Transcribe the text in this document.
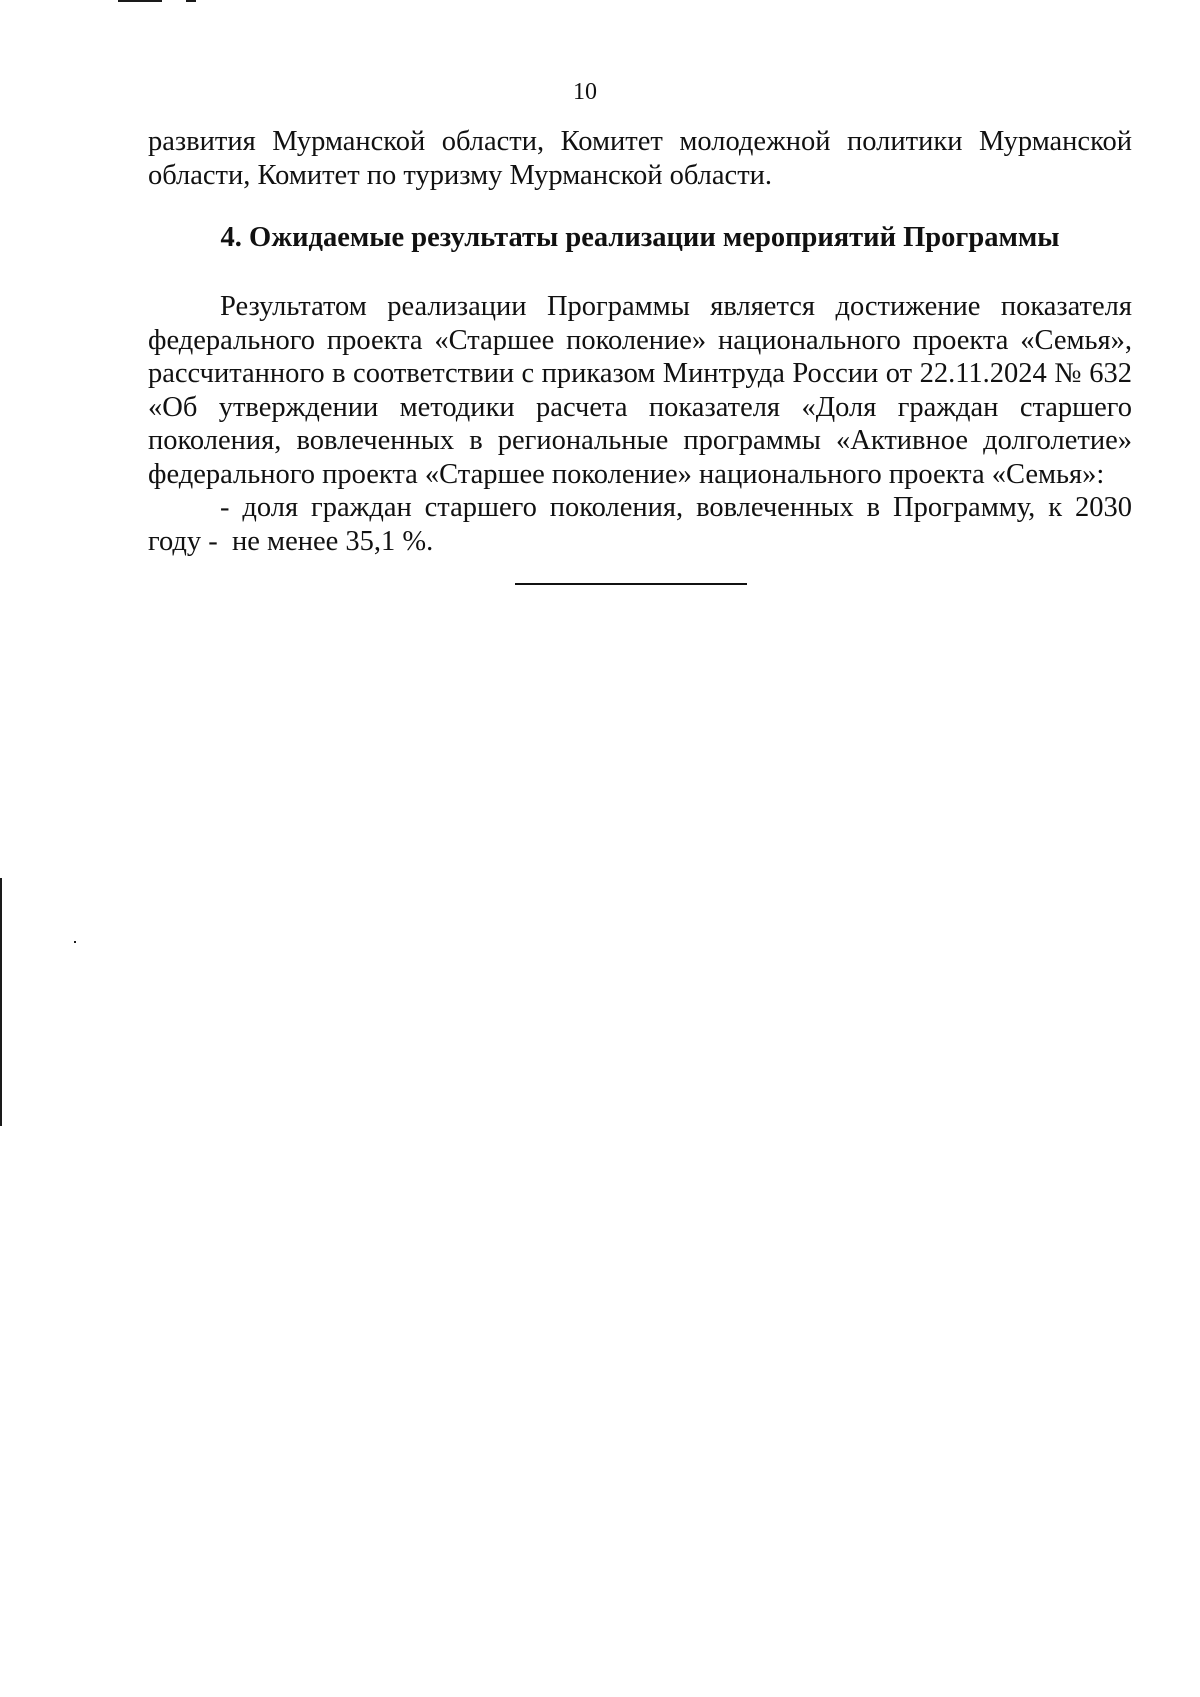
10
развития Мурманской области, Комитет молодежной политики Мурманской
области, Комитет по туризму Мурманской области.
4. Ожидаемые результаты реализации мероприятий Программы
Результатом реализации Программы является достижение показателя
федерального проекта «Старшее поколение» национального проекта «Семья»,
рассчитанного в соответствии с приказом Минтруда России от 22.11.2024 № 632
«Об утверждении методики расчета показателя «Доля граждан старшего
поколения, вовлеченных в региональные программы «Активное долголетие»
федерального проекта «Старшее поколение» национального проекта «Семья»:
- доля граждан старшего поколения, вовлеченных в Программу, к 2030
году -  не менее 35,1 %.
